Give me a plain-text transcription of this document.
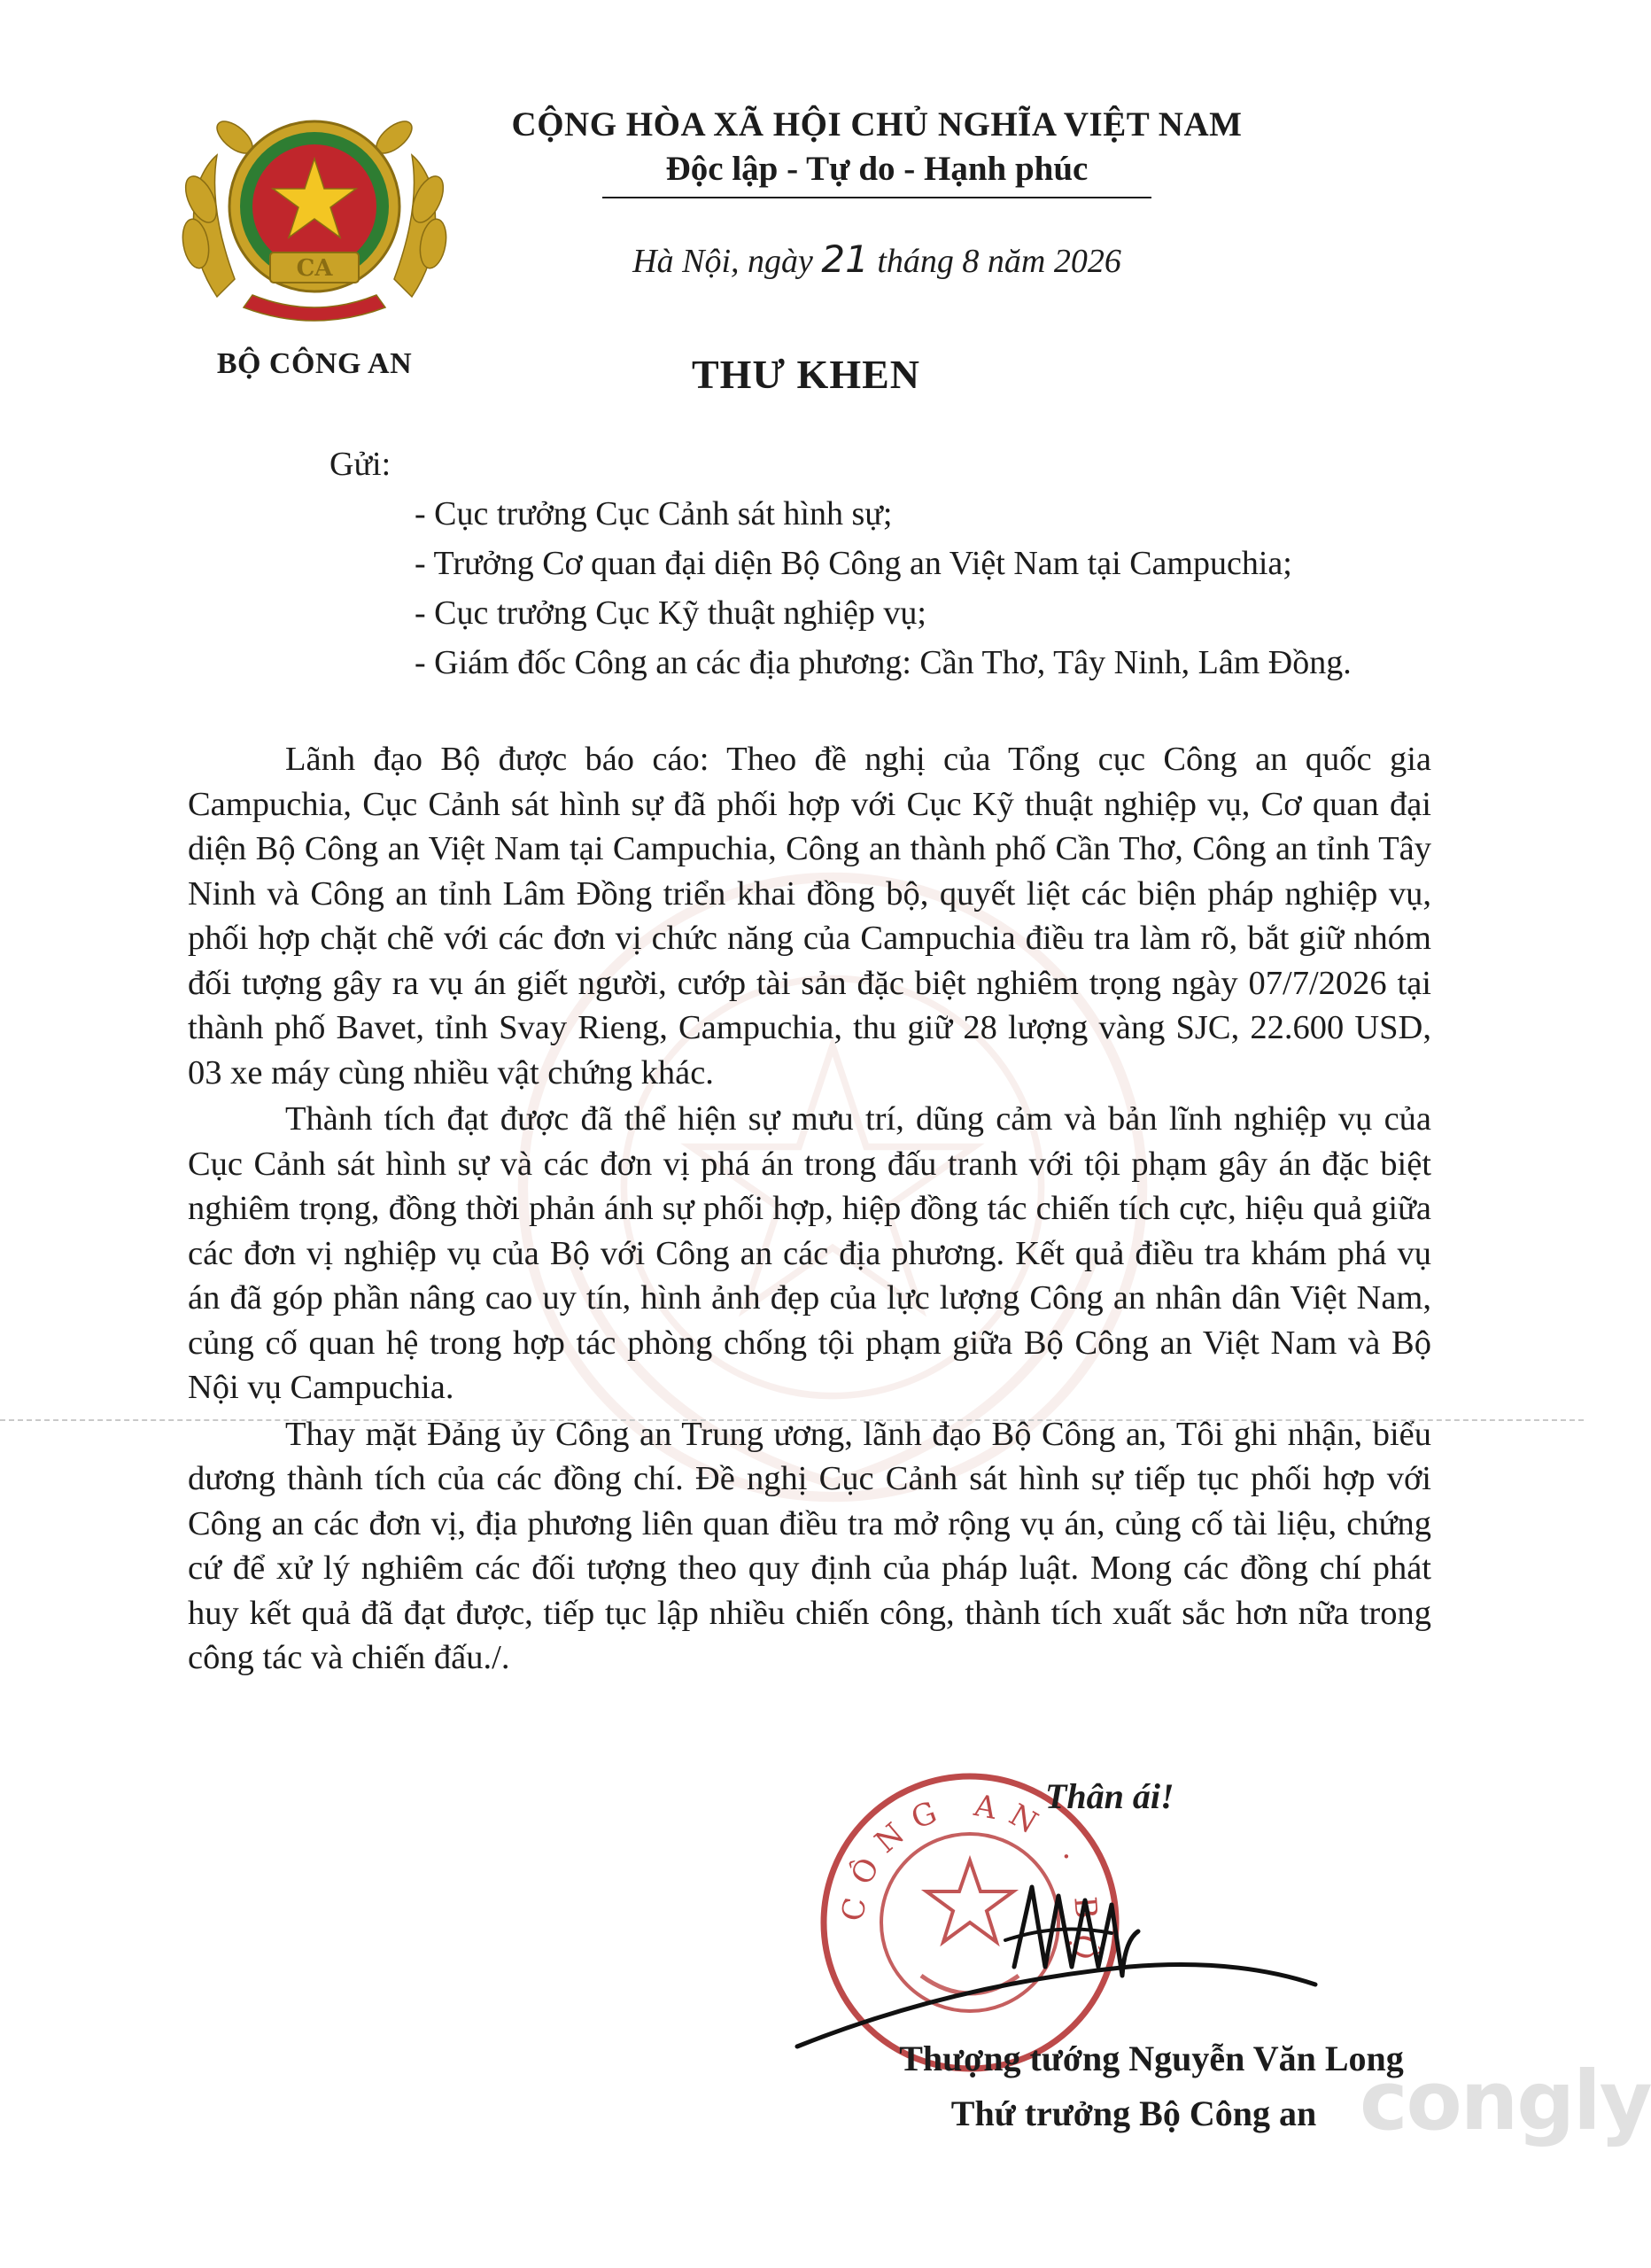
CA
BỘ CÔNG AN
CỘNG HÒA XÃ HỘI CHỦ NGHĨA VIỆT NAM
Độc lập - Tự do - Hạnh phúc
Hà Nội, ngày 21 tháng 8 năm 2026
THƯ KHEN
Gửi:
- Cục trưởng Cục Cảnh sát hình sự;
- Trưởng Cơ quan đại diện Bộ Công an Việt Nam tại Campuchia;
- Cục trưởng Cục Kỹ thuật nghiệp vụ;
- Giám đốc Công an các địa phương: Cần Thơ, Tây Ninh, Lâm Đồng.

Lãnh đạo Bộ được báo cáo: Theo đề nghị của Tổng cục Công an quốc gia Campuchia, Cục Cảnh sát hình sự đã phối hợp với Cục Kỹ thuật nghiệp vụ, Cơ quan đại diện Bộ Công an Việt Nam tại Campuchia, Công an thành phố Cần Thơ, Công an tỉnh Tây Ninh và Công an tỉnh Lâm Đồng triển khai đồng bộ, quyết liệt các biện pháp nghiệp vụ, phối hợp chặt chẽ với các đơn vị chức năng của Campuchia điều tra làm rõ, bắt giữ nhóm đối tượng gây ra vụ án giết người, cướp tài sản đặc biệt nghiêm trọng ngày 07/7/2026 tại thành phố Bavet, tỉnh Svay Rieng, Campuchia, thu giữ 28 lượng vàng SJC, 22.600 USD, 03 xe máy cùng nhiều vật chứng khác.

Thành tích đạt được đã thể hiện sự mưu trí, dũng cảm và bản lĩnh nghiệp vụ của Cục Cảnh sát hình sự và các đơn vị phá án trong đấu tranh với tội phạm gây án đặc biệt nghiêm trọng, đồng thời phản ánh sự phối hợp, hiệp đồng tác chiến tích cực, hiệu quả giữa các đơn vị nghiệp vụ của Bộ với Công an các địa phương. Kết quả điều tra khám phá vụ án đã góp phần nâng cao uy tín, hình ảnh đẹp của lực lượng Công an nhân dân Việt Nam, củng cố quan hệ trong hợp tác phòng chống tội phạm giữa Bộ Công an Việt Nam và Bộ Nội vụ Campuchia.

Thay mặt Đảng ủy Công an Trung ương, lãnh đạo Bộ Công an, Tôi ghi nhận, biểu dương thành tích của các đồng chí. Đề nghị Cục Cảnh sát hình sự tiếp tục phối hợp với Công an các đơn vị, địa phương liên quan điều tra mở rộng vụ án, củng cố tài liệu, chứng cứ để xử lý nghiêm các đối tượng theo quy định của pháp luật. Mong các đồng chí phát huy kết quả đã đạt được, tiếp tục lập nhiều chiến công, thành tích xuất sắc hơn nữa trong công tác và chiến đấu./.

CÔNG AN · BỘ
Thân ái!
Thượng tướng Nguyễn Văn Long
Thứ trưởng Bộ Công an congly
